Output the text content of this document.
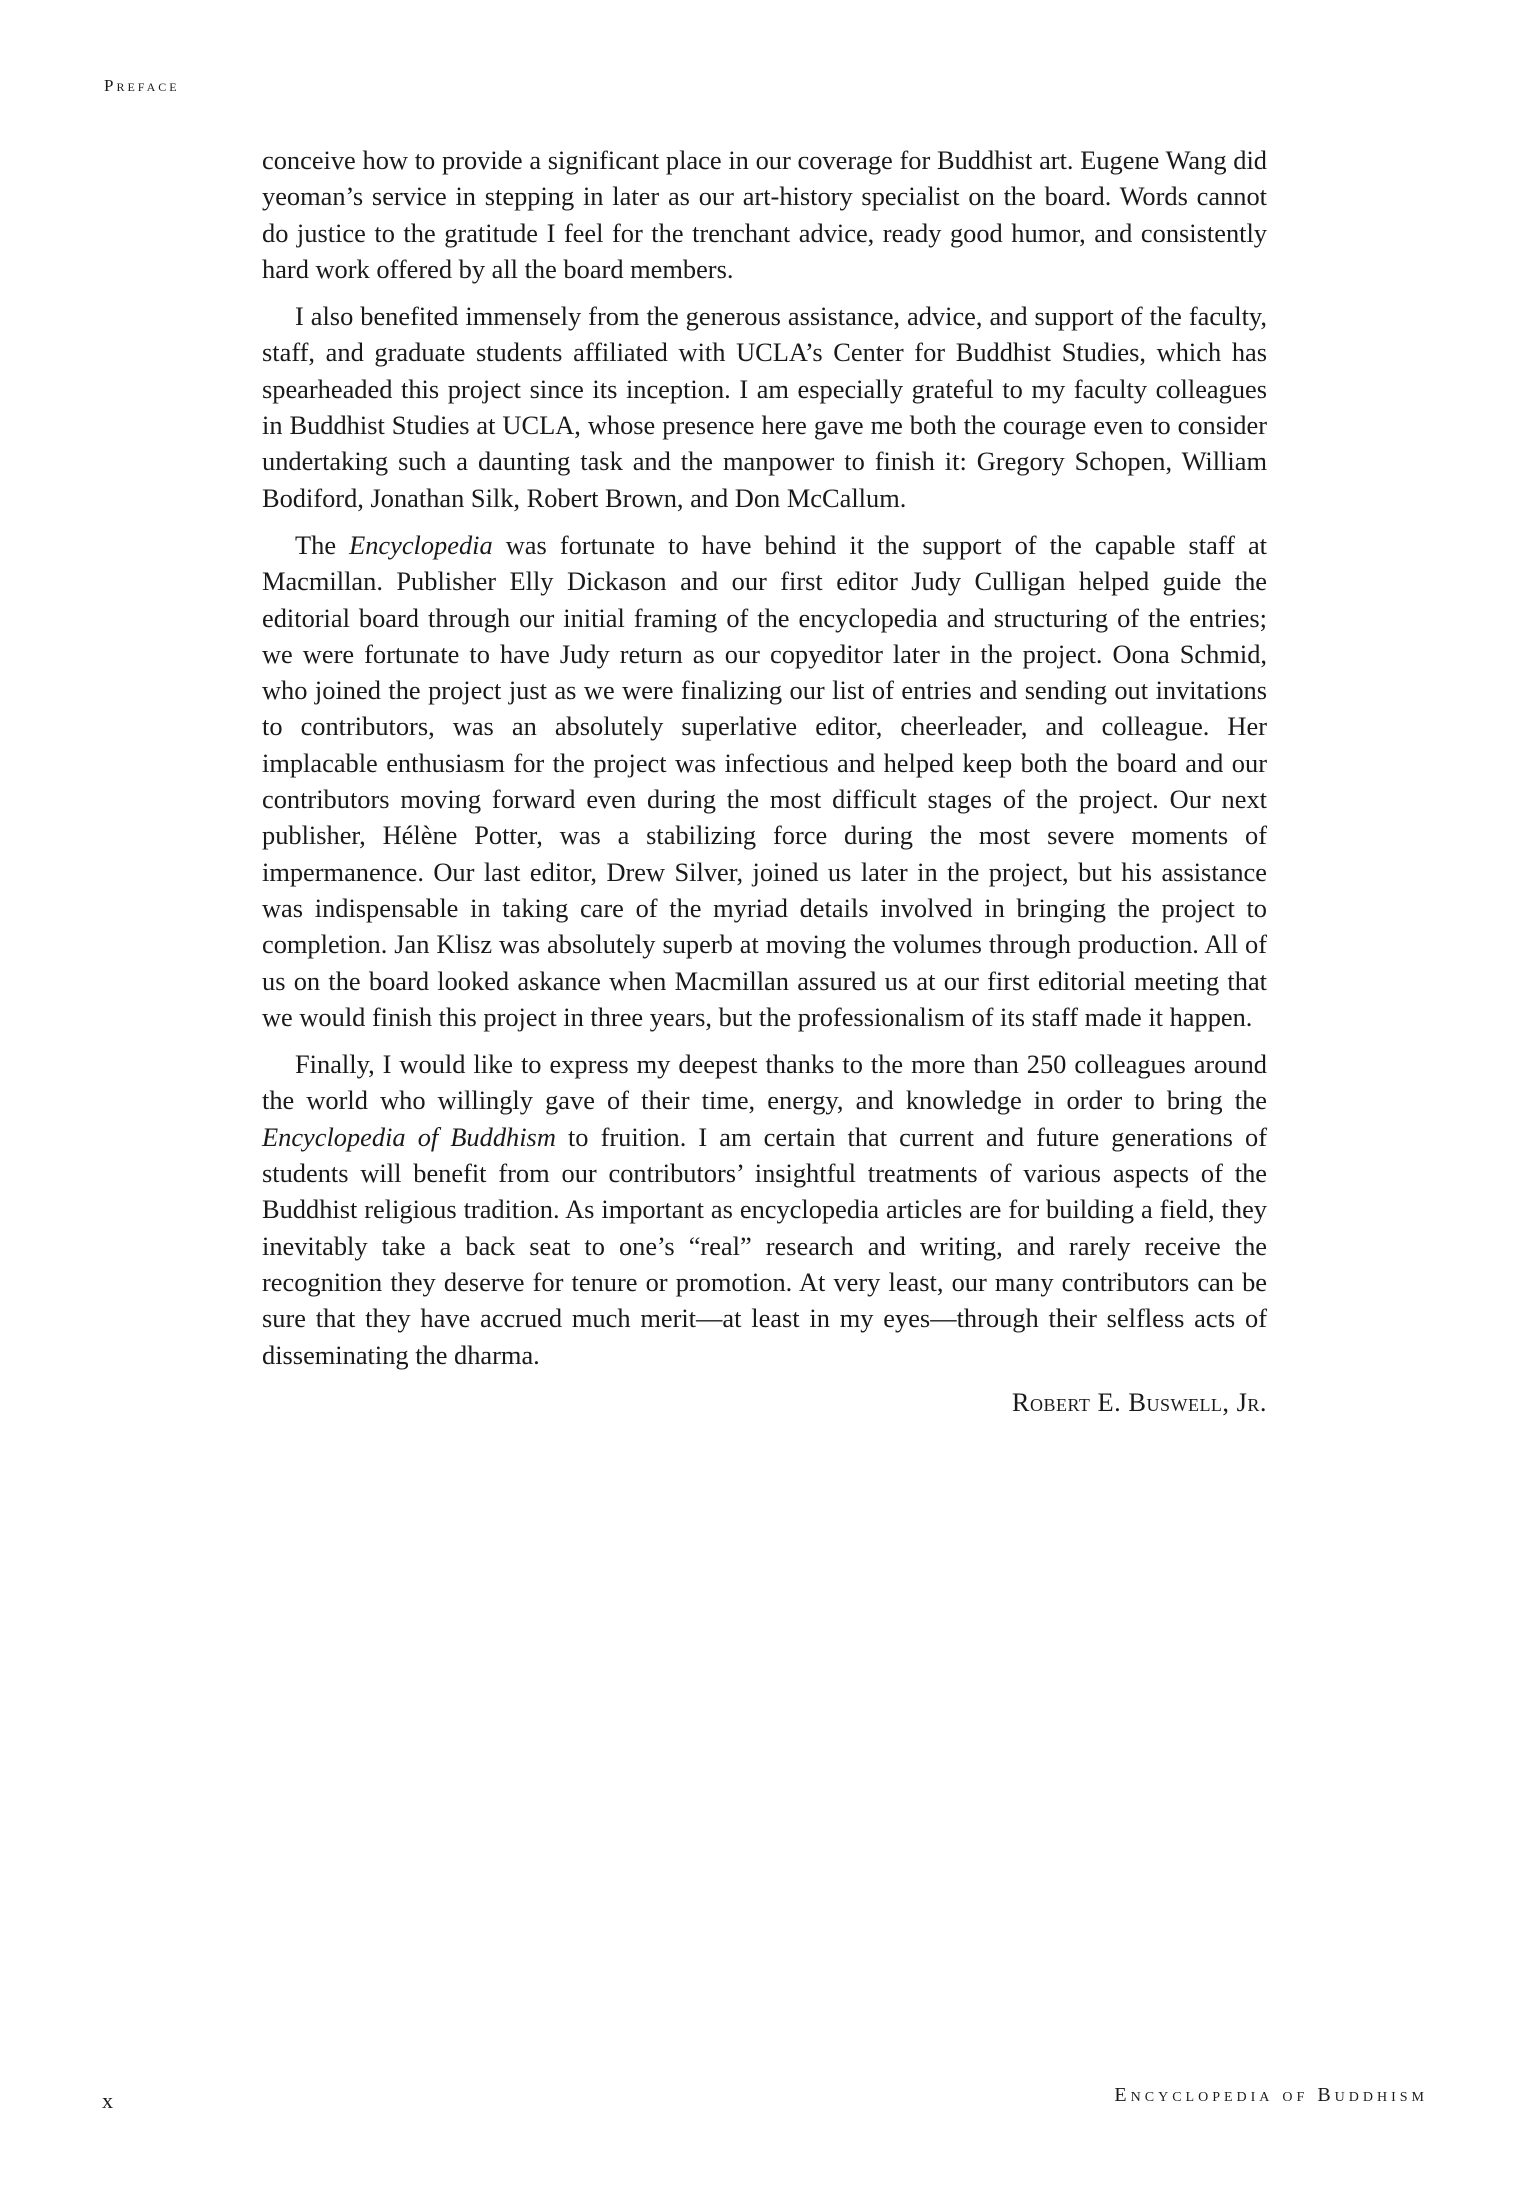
Preface

conceive how to provide a significant place in our coverage for Buddhist art. Eugene Wang did yeoman’s service in stepping in later as our art-history specialist on the board. Words cannot do justice to the gratitude I feel for the trenchant advice, ready good humor, and consistently hard work offered by all the board members.

I also benefited immensely from the generous assistance, advice, and support of the faculty, staff, and graduate students affiliated with UCLA’s Center for Buddhist Studies, which has spearheaded this project since its inception. I am especially grateful to my faculty colleagues in Buddhist Studies at UCLA, whose presence here gave me both the courage even to consider undertaking such a daunting task and the manpower to finish it: Gregory Schopen, William Bodiford, Jonathan Silk, Robert Brown, and Don McCallum.

The Encyclopedia was fortunate to have behind it the support of the capable staff at Macmillan. Publisher Elly Dickason and our first editor Judy Culligan helped guide the editorial board through our initial framing of the encyclopedia and structuring of the entries; we were fortunate to have Judy return as our copyeditor later in the project. Oona Schmid, who joined the project just as we were finalizing our list of entries and sending out invitations to contributors, was an absolutely superlative editor, cheerleader, and colleague. Her implacable enthusiasm for the project was infectious and helped keep both the board and our contributors moving forward even during the most difficult stages of the project. Our next publisher, Hélène Potter, was a stabilizing force during the most severe moments of impermanence. Our last editor, Drew Silver, joined us later in the project, but his assistance was indispensable in taking care of the myriad details involved in bringing the project to completion. Jan Klisz was absolutely superb at moving the volumes through production. All of us on the board looked askance when Macmillan assured us at our first editorial meeting that we would finish this project in three years, but the professionalism of its staff made it happen.

Finally, I would like to express my deepest thanks to the more than 250 colleagues around the world who willingly gave of their time, energy, and knowledge in order to bring the Encyclopedia of Buddhism to fruition. I am certain that current and future generations of students will benefit from our contributors’ insightful treatments of various aspects of the Buddhist religious tradition. As important as encyclopedia articles are for building a field, they inevitably take a back seat to one’s “real” research and writing, and rarely receive the recognition they deserve for tenure or promotion. At very least, our many contributors can be sure that they have accrued much merit—at least in my eyes—through their selfless acts of disseminating the dharma.

Robert E. Buswell, Jr.
x	Encyclopedia of Buddhism
